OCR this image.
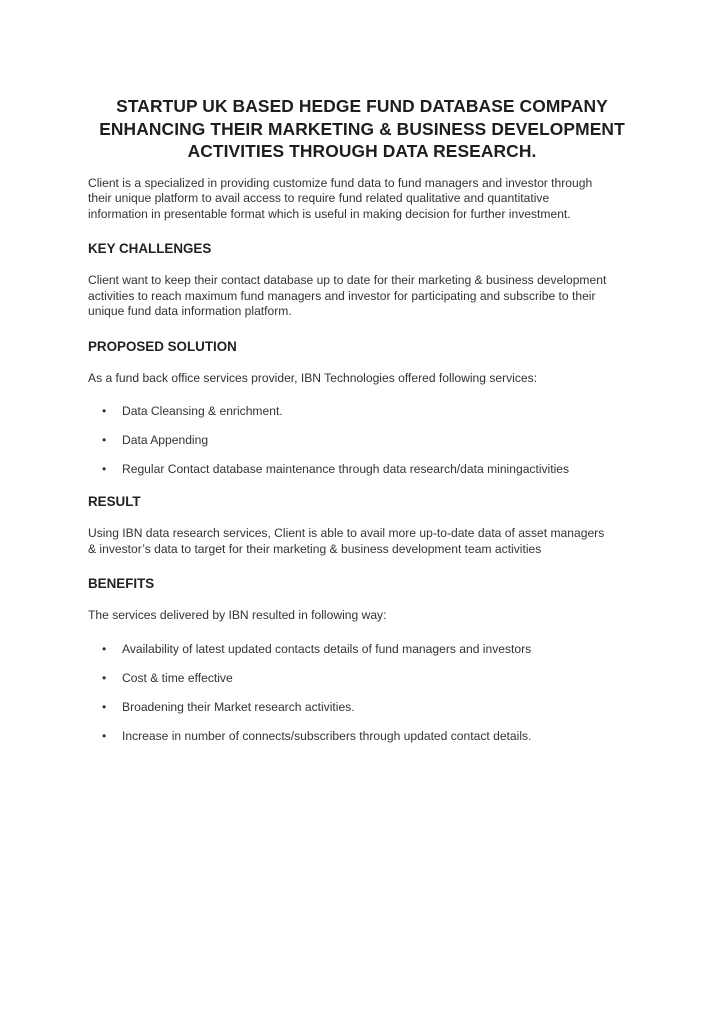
STARTUP UK BASED HEDGE FUND DATABASE COMPANY
ENHANCING THEIR MARKETING & BUSINESS DEVELOPMENT
ACTIVITIES THROUGH DATA RESEARCH.

Client is a specialized in providing customize fund data to fund managers and investor through
their unique platform to avail access to require fund related qualitative and quantitative
information in presentable format which is useful in making decision for further investment.

KEY CHALLENGES

Client want to keep their contact database up to date for their marketing & business development
activities to reach maximum fund managers and investor for participating and subscribe to their
unique fund data information platform.

PROPOSED SOLUTION

As a fund back office services provider, IBN Technologies offered following services:

• Data Cleansing & enrichment.
• Data Appending
• Regular Contact database maintenance through data research/data miningactivities
RESULT

Using IBN data research services, Client is able to avail more up-to-date data of asset managers
& investor’s data to target for their marketing & business development team activities

BENEFITS

The services delivered by IBN resulted in following way:

• Availability of latest updated contacts details of fund managers and investors
• Cost & time effective
• Broadening their Market research activities.
• Increase in number of connects/subscribers through updated contact details.
